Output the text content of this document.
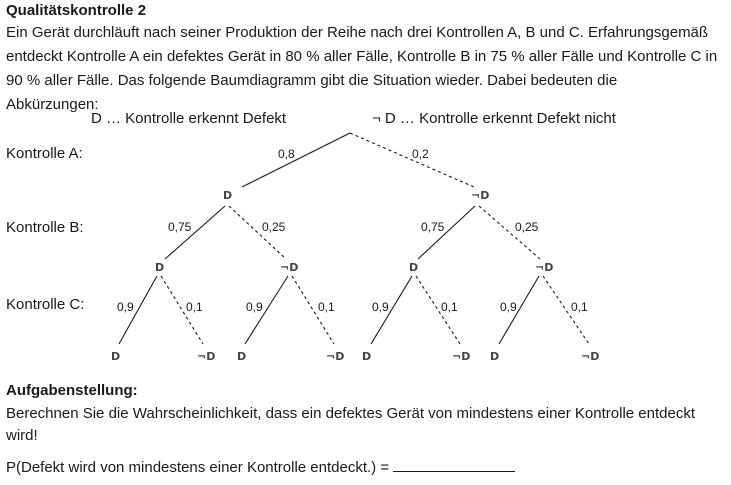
Qualitätskontrolle 2
Ein Gerät durchläuft nach seiner Produktion der Reihe nach drei Kontrollen A, B und C. Erfahrungsgemäß
entdeckt Kontrolle A ein defektes Gerät in 80 % aller Fälle, Kontrolle B in 75 % aller Fälle und Kontrolle C in
90 % aller Fälle. Das folgende Baumdiagramm gibt die Situation wieder. Dabei bedeuten die
Abkürzungen:
D … Kontrolle erkennt Defekt	¬ D … Kontrolle erkennt Defekt nicht
Kontrolle A:
Kontrolle B:
Kontrolle C:
0,8	0,2
0,75	0,25	0,75	0,25
0,9	0,1	0,9	0,1	0,9	0,1	0,9	0,1
D	¬D
D	¬D	D	¬D
D	¬D D	¬D D	¬D D	¬D
Aufgabenstellung:
Berechnen Sie die Wahrscheinlichkeit, dass ein defektes Gerät von mindestens einer Kontrolle entdeckt
wird!
P(Defekt wird von mindestens einer Kontrolle entdeckt.) =
